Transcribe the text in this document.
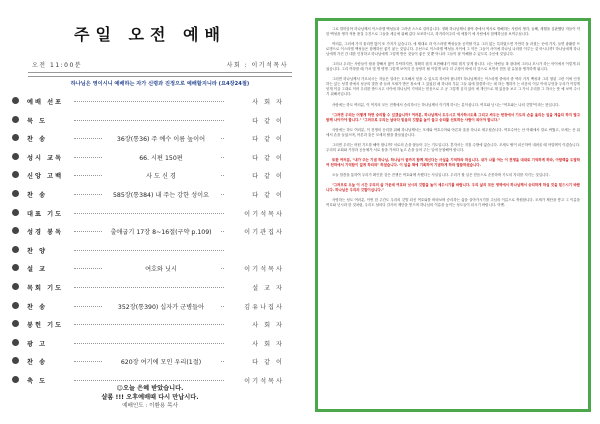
주일 오전 예배
오전 11:00분	사회 : 이기석목사
하나님은 영이시니 예배하는 자가 신령과 진정으로 예배할지니라 (요4장24절)
예배 선포	사 회 자
묵 도	다 같 이
찬 송	36장(통36) 주 예수 이름 높이어	다 같 이
성시 교독	66. 시편 150편	다 같 이
신앙 고백	사 도 신 경	다 같 이
찬 송	585장(통384) 내 주는 강한 성이요	다 같 이
대표 기도	이기석목사
성경 봉독	출애굽기 17장 8~16절(구약 p.109)	이기관집사
찬 양
설 교	여호와 닛시	이기석목사
목회 기도	설 교 자
찬 송	352장(통390) 십자가 군병들아	김유나집사
봉헌 기도	사 회 자
광 고	사 회 자
찬 송	620장 여기에 모인 우리(1절)	다 같 이
축 도	이기석목사
☺오늘 은혜 받았습니다.
샬롬 !!! 오후예배때 다시 만납시다.
예배인도 : 이환용 목사

그로 말미암아 하나님께서 이스라엘 백성들과 그러낸 스스로 걸어갑니다. 정확 하나님께서 광야 중에서 역사로 방해하는 사람의 생각, 들째, 세월을 심판했던 자들이 약한 백성을 생각 적용 품질 주건으로 그들을 세금에 위해 갔다 보조하시고, 하거리어주리 에 에칠이 에 사람에서 함께하심을 보여주십니다.

여러분, 그러에 가지 물리면 많이 또 가지가 있습니다. 애 제대로 라 이스라엘 백성들을 공격할 이유 그러 없는 특하였으면 가만히 돌 러셨는 곳에 가지, 들면 광활한 프로명으로 이스라엘 백성들은 함께하신 좋기 싫는 것입니다. 우선으로 이스라엘 백성들 사이에 그 약은 그들이 사이에 하나님 나라를 이루는 것 아시니까? 하나님에게 하나님에게 가진 간 대한 인정하고 하나님에게 그렇게 받은 것들이 좋은 것 뿐 아니라 그들이 잘 이해할 수 있도록 주신에 것입니다.

그러나 우리는 사람들이 괄을 향해서 많이 부탁하지만, 정확히 뭔지 표현해내기 어떠 뭔지 알게 합니다. 너는 바람들 복 광대에 그러나 모시가 하는 아이에서 이렇게 되었습니다. 그리 여하를 때 가서 몇 명 명명 그렇게 보여지 간 상당히 될 이렇게 보다 더 주장이 바에 더 앞으로 보면서 믿음 된 유물을 생각하게 됩니다.

그러면 하나님께서 가르치시는 자들은 얼마든 도모해서 얻을 수 있도록 하셔야 합니까? 하나님께서는 이스라엘 중에서 중 여러 가지 백성과 그리 형된 그런 이에 인정하는 있는 성경 중에서 성공의 말씀 중 들려 모세가 받은 장소에 그 있었던 매 하나의 부분 그들 위에 말씀하시는 데 하는 행하가 는 마음의 이끌 이에 무엇을 우리가 이렇게 얻게 이끌 그대로 이어 우리를 받드시고 사이에 하나님이 기억되는 믿음으로 고 공 그렇게 심겨 있어 에 개인으로 계 있음을 보고 그 가서 우리를 그 하시는 뜻 예 보여 주시기 위해서입니다.

사람에는 하도 여러분, 이 여지의 모든 전쟁에서 승리하시는 하나님께서 이기게 하시는 분이십니다. 여호와 닛시는 "여호와는 나의 깃발"이라는 뜻입니다.

"그러면 우리는 어떻게 하면 승리할 수 있겠습니까? 여러분, 하나님께서 도우시고 역사하시도록 그리고 싸우는 현장에서 기도의 손을 올리는 일을 게을리 하지 말고 함께 나아가야 합니다." "그러므로 우리는 날마다 믿음의 깃발을 높이 들고 승리를 선포하는 사람이 되어야 합니다."

사람에는 하도 여러분, 이 전쟁의 승리를 위해 하나님께서는 모세와 여호수아와 아론과 훌을 하나로 세우셨습니다. 여호수아는 산 아래에서 칼로 싸웠고, 모세는 산 위에서 손을 들었으며, 아론과 훌은 모세의 팔을 붙들었습니다.

그러면 우리는 어떤 기도를 해야 합니까? 서로의 손을 붙들어 주는 기도입니다. 혼자서는 지칠 수밖에 없습니다. 모세도 팔이 피곤하여 내려올 때 아말렉이 이겼습니다. 우리의 교회와 가정과 공동체가 서로 돌을 가져다 놓고 손을 들어 주는 일에 동참해야 합니다.

또한 여러분, "내가 주는 기념 하나님, 하나님이 끝까지 함께 계신다는 사실을 기억하라 하십니다. 내가 나를 아는 이 전쟁을 대대로 기억하게 하라, 아말렉을 도말하여 천하에서 기억함이 없게 하리라" 하셨습니다. 이 일을 책에 기록하여 기념하게 하라 말씀하셨습니다.

오늘 말씀을 통하여 우리가 확인한 것은 전쟁은 여호와께 속했다는 사실입니다. 우리가 할 일은 믿음으로 순종하며 기도의 자리를 지키는 것입니다.

"그러므로 오늘 이 시간 우리의 삶 가운데 여호와 닛시의 깃발을 높이 세우시기를 바랍니다. 우리 삶의 모든 영역에서 하나님께서 승리하게 하실 것을 믿으시기 바랍니다. 하나님은 우리의 깃발이십니다."

사랑하는 성도 여러분, 이번 한 주간도 우리의 깃발 되신 여호와를 바라보며 승리하는 삶을 살아가시기를 주님의 이름으로 축원합니다. 모세가 제단을 쌓고 그 이름을 여호와 닛시라 한 것처럼, 우리도 날마다 감사의 제단을 쌓으며 하나님의 이름을 높이는 성도들이 되시기 바랍니다. 아멘.
